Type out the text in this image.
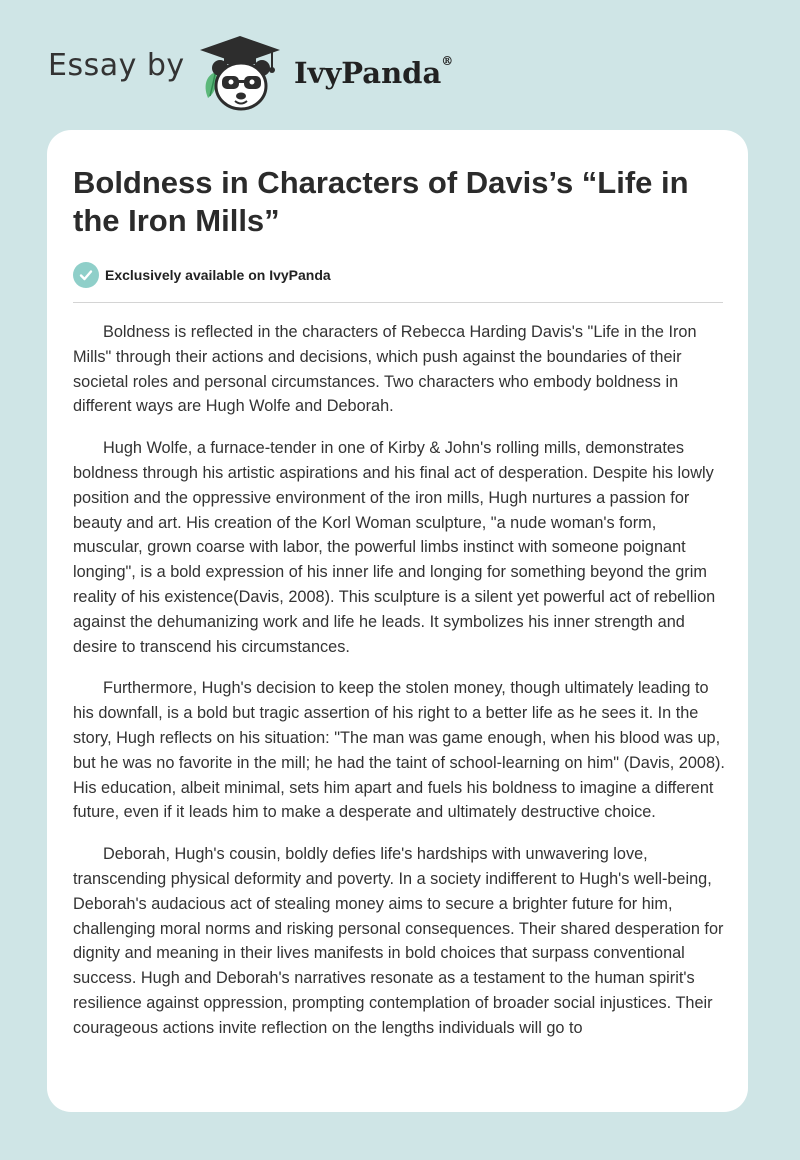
Essay by	IvyPanda®
Boldness in Characters of Davis’s “Life in the Iron Mills”
Exclusively available on IvyPanda

Boldness is reflected in the characters of Rebecca Harding Davis's "Life in the Iron Mills" through their actions and decisions, which push against the boundaries of their societal roles and personal circumstances. Two characters who embody boldness in different ways are Hugh Wolfe and Deborah.

Hugh Wolfe, a furnace-tender in one of Kirby & John's rolling mills, demonstrates boldness through his artistic aspirations and his final act of desperation. Despite his lowly position and the oppressive environment of the iron mills, Hugh nurtures a passion for beauty and art. His creation of the Korl Woman sculpture, "a nude woman's form, muscular, grown coarse with labor, the powerful limbs instinct with someone poignant longing", is a bold expression of his inner life and longing for something beyond the grim reality of his existence(Davis, 2008). This sculpture is a silent yet powerful act of rebellion against the dehumanizing work and life he leads. It symbolizes his inner strength and desire to transcend his circumstances.

Furthermore, Hugh's decision to keep the stolen money, though ultimately leading to his downfall, is a bold but tragic assertion of his right to a better life as he sees it. In the story, Hugh reflects on his situation: "The man was game enough, when his blood was up, but he was no favorite in the mill; he had the taint of school-learning on him" (Davis, 2008). His education, albeit minimal, sets him apart and fuels his boldness to imagine a different future, even if it leads him to make a desperate and ultimately destructive choice.

Deborah, Hugh's cousin, boldly defies life's hardships with unwavering love, transcending physical deformity and poverty. In a society indifferent to Hugh's well-being, Deborah's audacious act of stealing money aims to secure a brighter future for him, challenging moral norms and risking personal consequences. Their shared desperation for dignity and meaning in their lives manifests in bold choices that surpass conventional success. Hugh and Deborah's narratives resonate as a testament to the human spirit's resilience against oppression, prompting contemplation of broader social injustices. Their courageous actions invite reflection on the lengths individuals will go to
